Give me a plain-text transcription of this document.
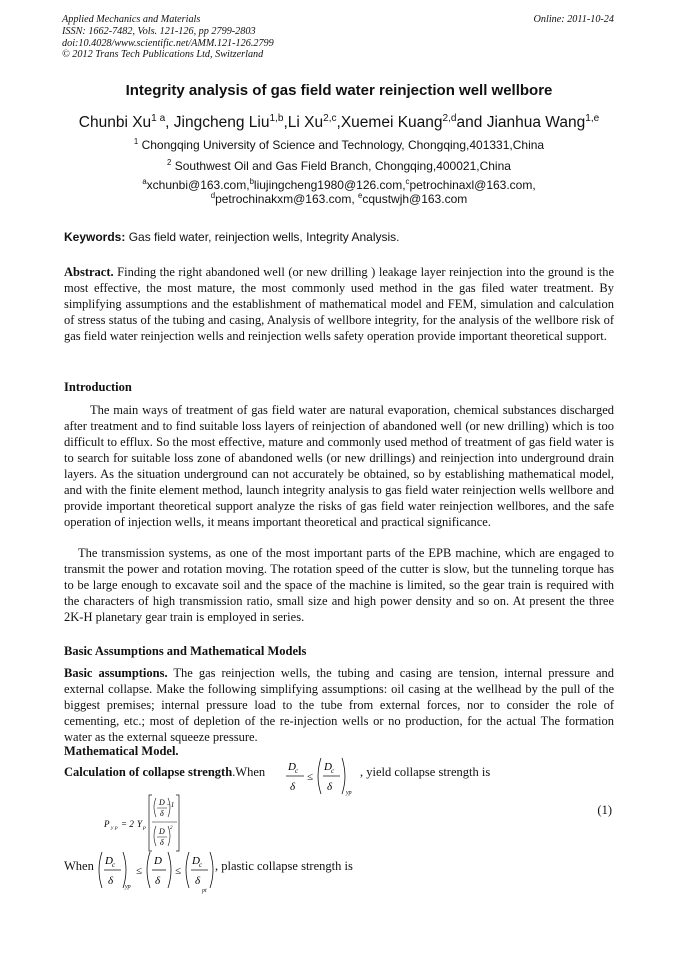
Applied Mechanics and Materials
ISSN: 1662-7482, Vols. 121-126, pp 2799-2803
doi:10.4028/www.scientific.net/AMM.121-126.2799
© 2012 Trans Tech Publications Ltd, Switzerland
Online: 2011-10-24
Integrity analysis of gas field water reinjection well wellbore
Chunbi $Xu^{1 a}$, Jingcheng Liu$^{1,b}$,Li Xu$^{2,c}$,Xuemei Kuang$^{2,d}$and Jianhua Wang$^{1,e}$
$^1$ Chongqing University of Science and Technology, Chongqing,401331,China
$^2$ Southwest Oil and Gas Field Branch, Chongqing,400021,China
$^a$xchunbi@163.com,$^b$liujingcheng1980@126.com,$^c$petrochinaxl@163.com,
$^d$petrochinakxm@163.com, $^e$cqustwjh@163.com
Keywords: Gas field water, reinjection wells, Integrity Analysis.

Abstract. Finding the right abandoned well (or new drilling ) leakage layer reinjection into the ground is the most effective, the most mature, the most commonly used method in the gas filed water treatment. By simplifying assumptions and the establishment of mathematical model and FEM, simulation and calculation of stress status of the tubing and casing, Analysis of wellbore integrity, for the analysis of the wellbore risk of gas field water reinjection wells and reinjection wells safety operation provide important theoretical support.

Introduction

The main ways of treatment of gas field water are natural evaporation, chemical substances discharged after treatment and to find suitable loss layers of reinjection of abandoned well (or new drilling) which is too difficult to efflux. So the most effective, mature and commonly used method of treatment of gas field water is to search for suitable loss zone of abandoned wells (or new drillings) and reinjection into underground drain layers. As the situation underground can not accurately be obtained, so by establishing mathematical model, and with the finite element method, launch integrity analysis to gas field water reinjection wells wellbore and provide important theoretical support analyze the risks of gas field water reinjection wellbores, and the safe operation of injection wells, it means important theoretical and practical significance.

The transmission systems, as one of the most important parts of the EPB machine, which are engaged to transmit the power and rotation moving. The rotation speed of the cutter is slow, but the tunneling torque has to be large enough to excavate soil and the space of the machine is limited, so the gear train is required with the characters of high transmission ratio, small size and high power density and so on. At present the three 2K-H planetary gear train is employed in series.

Basic Assumptions and Mathematical Models

Basic assumptions. The gas reinjection wells, the tubing and casing are tension, internal pressure and external collapse. Make the following simplifying assumptions: oil casing at the wellhead by the pull of the biggest premises; internal pressure load to the tube from external forces, nor to consider the role of cementing, etc.; most of depletion of the re-injection wells or no production, for the actual The formation water as the external squeeze pressure.

Mathematical Model.
Calculation of collapse strength.When D c
δ
≤
D c
δ yp
, yield collapse strength is
P y p = 2 Y p
D
δ
−1
D
δ
2
(1)
When D c
δ yp
≤
D
δ
≤
D c
δ
pt
, plastic collapse strength is
